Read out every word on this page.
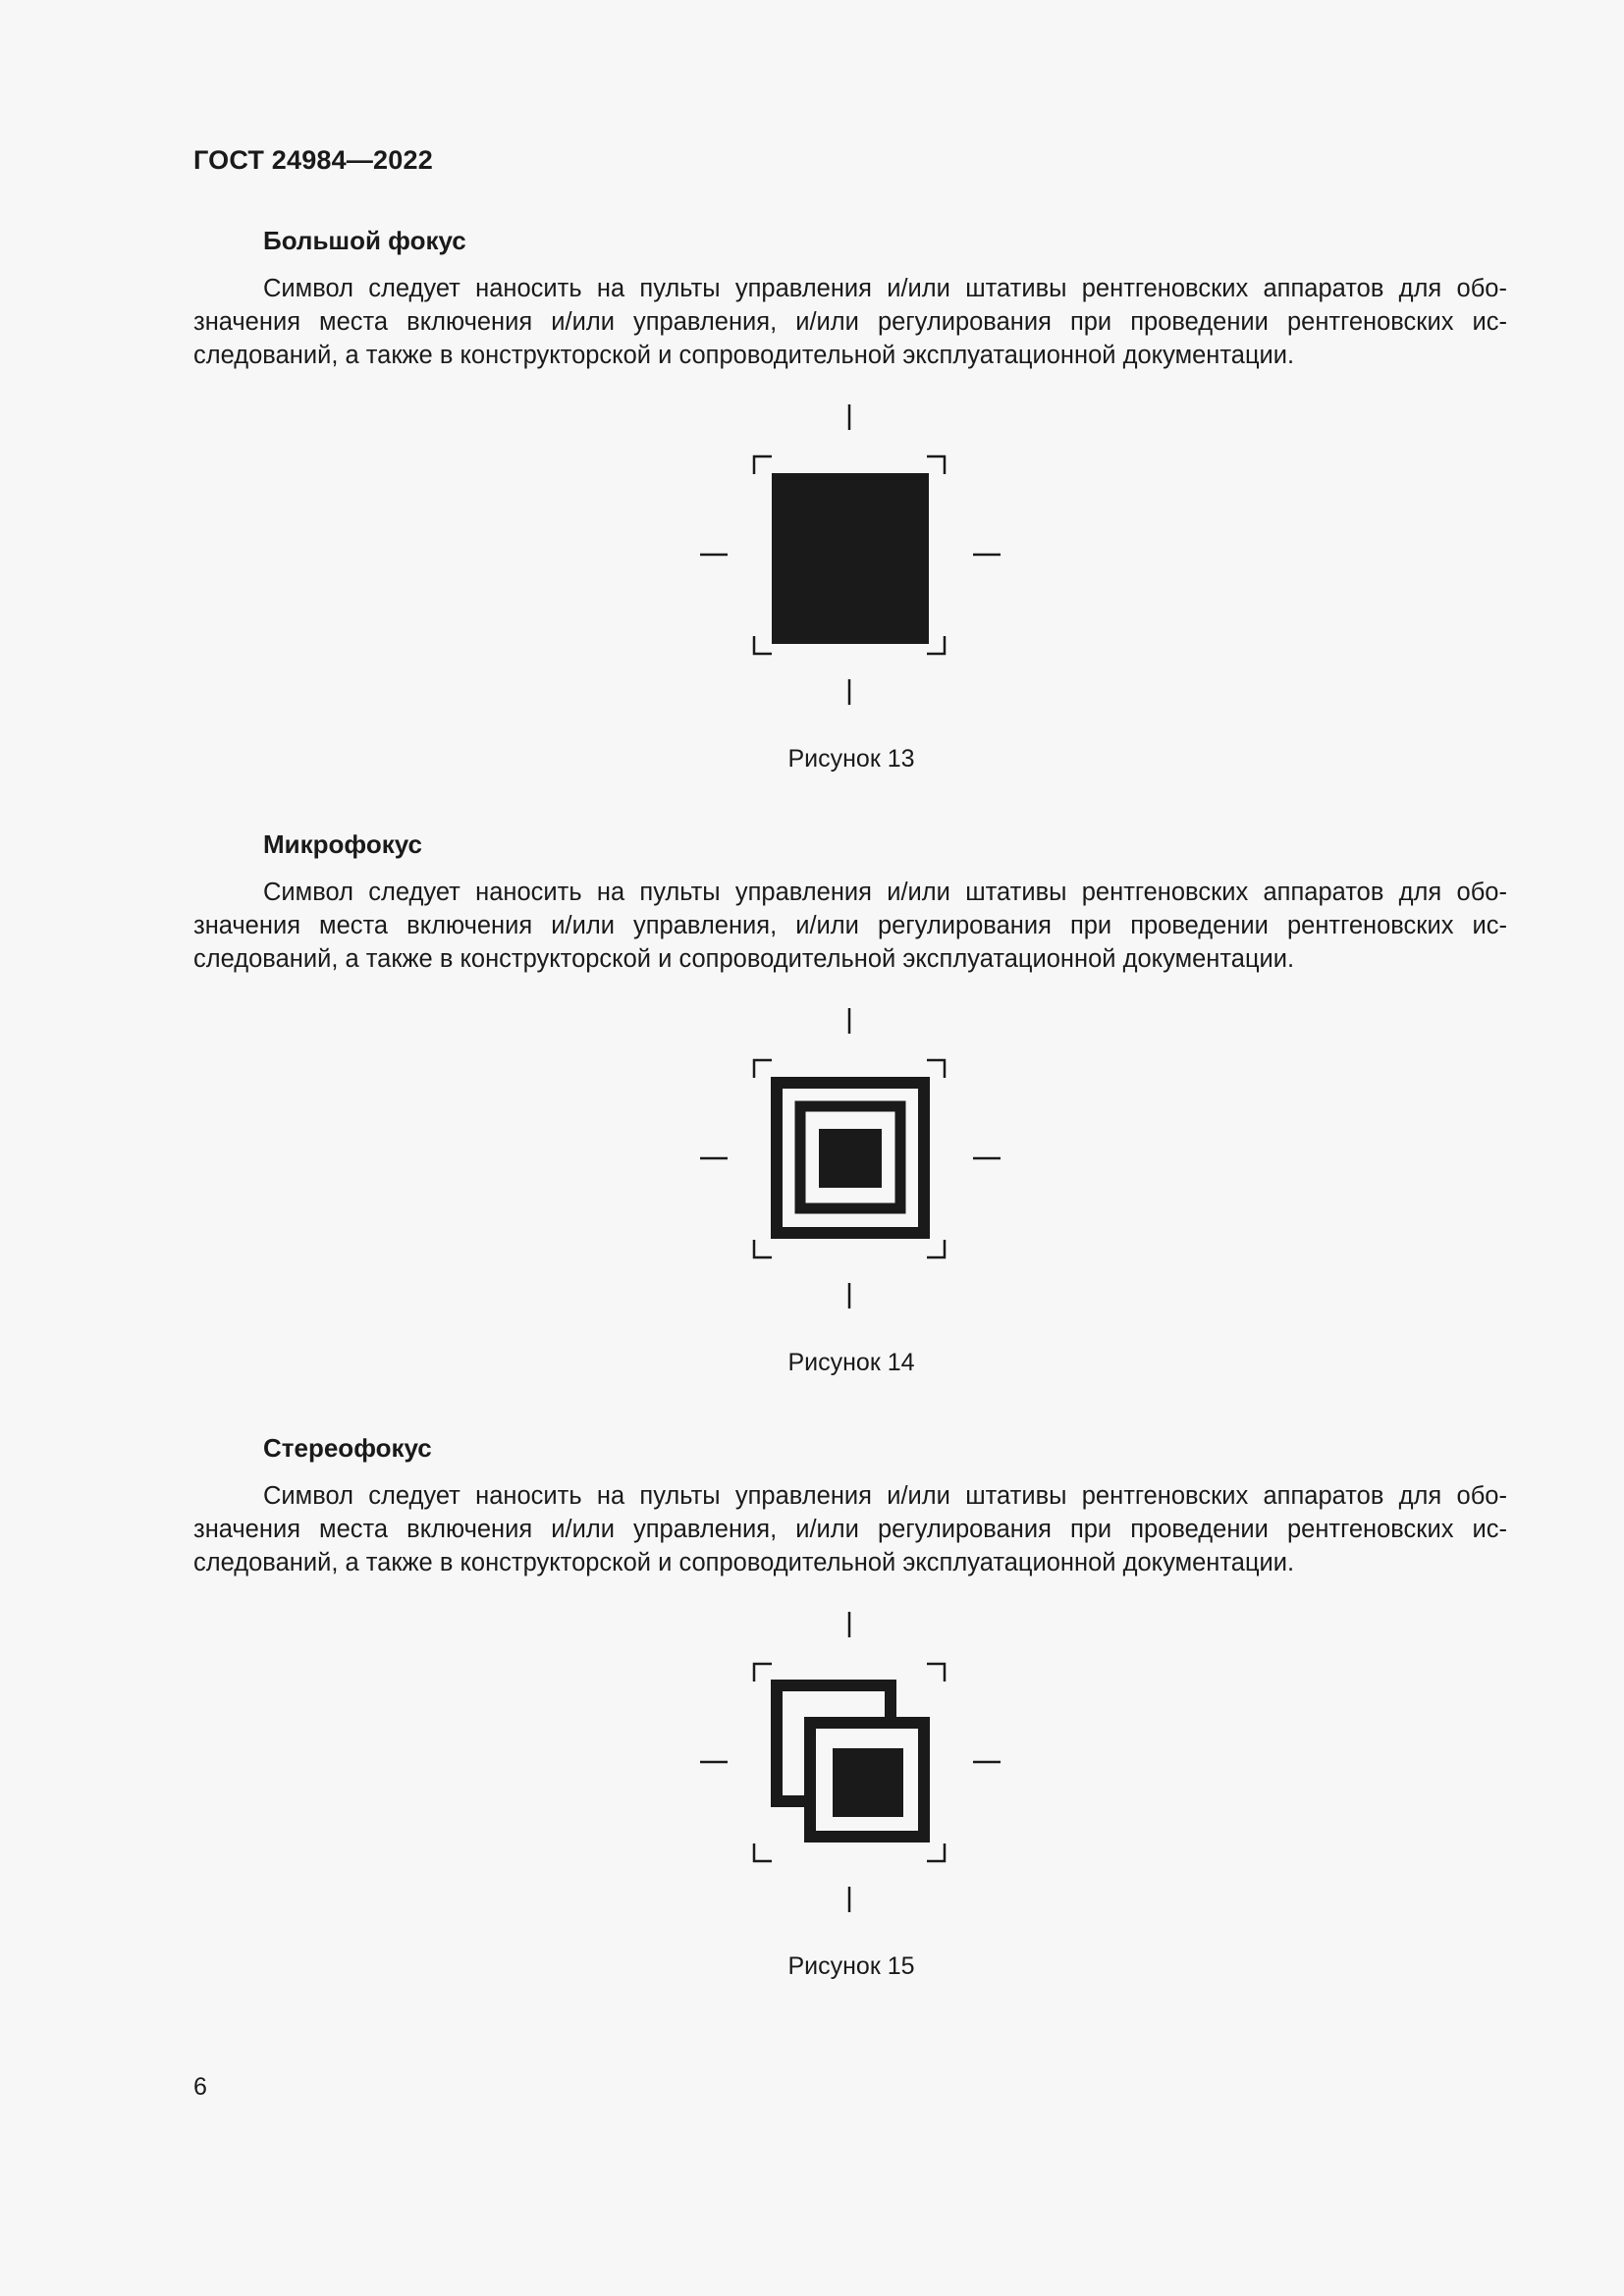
ГОСТ 24984—2022
Большой фокус
Символ следует наносить на пульты управления и/или штативы рентгеновских аппаратов для обозначения места включения и/или управления, и/или регулирования при проведении рентгеновских исследований, а также в конструкторской и сопроводительной эксплуатационной документации.
Рисунок 13
Микрофокус
Символ следует наносить на пульты управления и/или штативы рентгеновских аппаратов для обозначения места включения и/или управления, и/или регулирования при проведении рентгеновских исследований, а также в конструкторской и сопроводительной эксплуатационной документации.
Рисунок 14
Стереофокус
Символ следует наносить на пульты управления и/или штативы рентгеновских аппаратов для обозначения места включения и/или управления, и/или регулирования при проведении рентгеновских исследований, а также в конструкторской и сопроводительной эксплуатационной документации.
Рисунок 15
6
